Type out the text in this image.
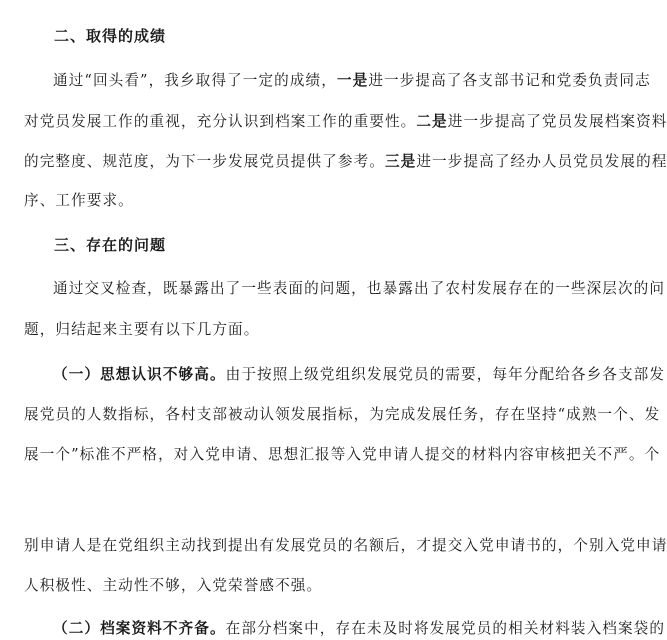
二、取得的成绩
通过“回头看”，我乡取得了一定的成绩，一是进一步提高了各支部书记和党委负责同志
对党员发展工作的重视，充分认识到档案工作的重要性。二是进一步提高了党员发展档案资料
的完整度、规范度，为下一步发展党员提供了参考。三是进一步提高了经办人员党员发展的程
序、工作要求。
三、存在的问题
通过交叉检查，既暴露出了一些表面的问题，也暴露出了农村发展存在的一些深层次的问
题，归结起来主要有以下几方面。
（一）思想认识不够高。由于按照上级党组织发展党员的需要，每年分配给各乡各支部发
展党员的人数指标，各村支部被动认领发展指标，为完成发展任务，存在坚持“成熟一个、发
展一个”标准不严格，对入党申请、思想汇报等入党申请人提交的材料内容审核把关不严。个
别申请人是在党组织主动找到提出有发展党员的名额后，才提交入党申请书的，个别入党申请
人积极性、主动性不够，入党荣誉感不强。
（二）档案资料不齐备。在部分档案中，存在未及时将发展党员的相关材料装入档案袋的
